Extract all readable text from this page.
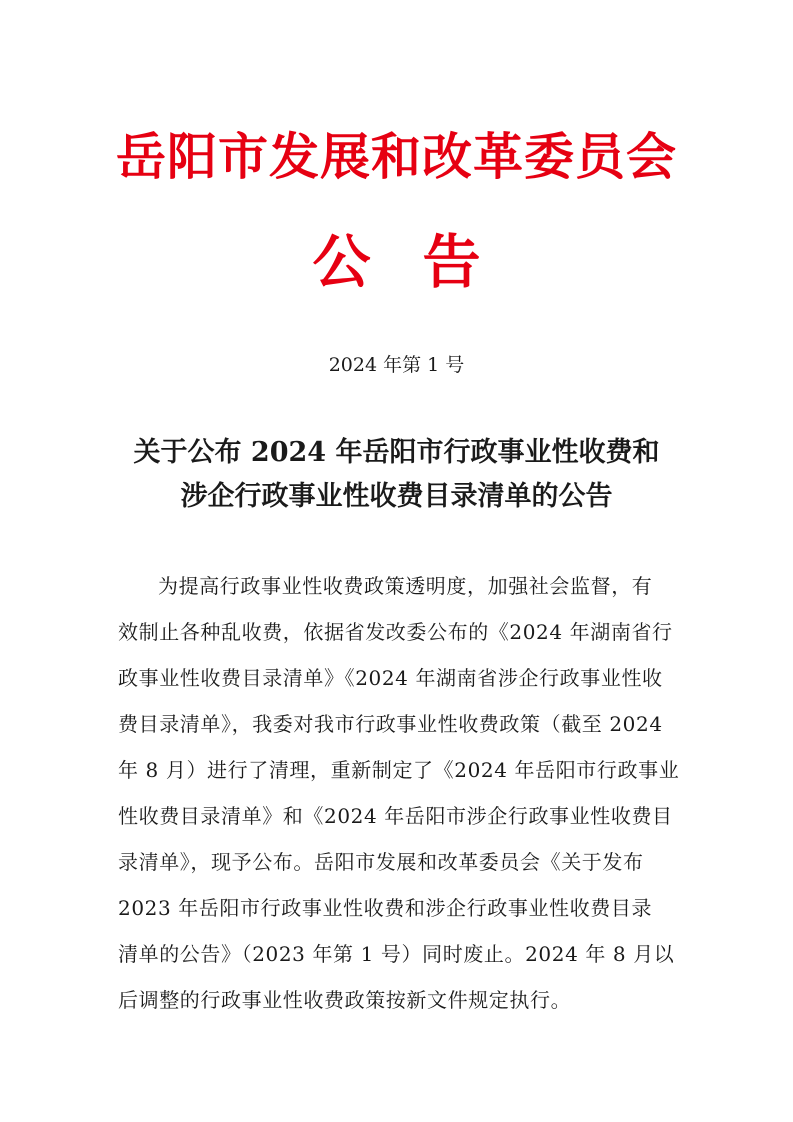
岳阳市发展和改革委员会
公告
2024 年第 1 号
关于公布 2024 年岳阳市行政事业性收费和
涉企行政事业性收费目录清单的公告
为提高行政事业性收费政策透明度，加强社会监督，有
效制止各种乱收费，依据省发改委公布的《2024 年湖南省行
政事业性收费目录清单》《2024 年湖南省涉企行政事业性收
费目录清单》，我委对我市行政事业性收费政策（截至 2024
年 8 月）进行了清理，重新制定了《2024 年岳阳市行政事业
性收费目录清单》和《2024 年岳阳市涉企行政事业性收费目
录清单》，现予公布。岳阳市发展和改革委员会《关于发布
2023 年岳阳市行政事业性收费和涉企行政事业性收费目录
清单的公告》（2023 年第 1 号）同时废止。2024 年 8 月以
后调整的行政事业性收费政策按新文件规定执行。
